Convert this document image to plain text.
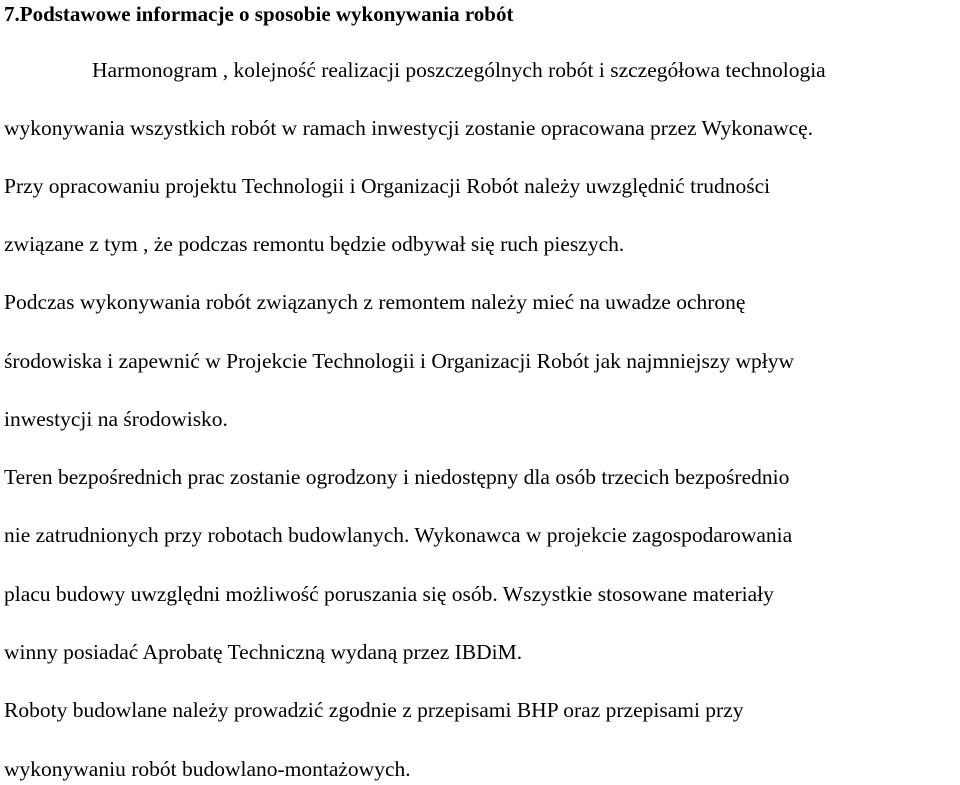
7.Podstawowe informacje o sposobie wykonywania robót

Harmonogram , kolejność realizacji poszczególnych robót i szczegółowa technologia

wykonywania wszystkich robót w ramach inwestycji zostanie opracowana przez Wykonawcę.

Przy opracowaniu projektu Technologii i Organizacji Robót należy uwzględnić trudności

związane z tym , że podczas remontu będzie odbywał się ruch pieszych.

Podczas wykonywania robót związanych z remontem należy mieć na uwadze ochronę

środowiska i zapewnić w Projekcie Technologii i Organizacji Robót jak najmniejszy wpływ

inwestycji na środowisko.

Teren bezpośrednich prac zostanie ogrodzony i niedostępny dla osób trzecich bezpośrednio

nie zatrudnionych przy robotach budowlanych. Wykonawca w projekcie zagospodarowania

placu budowy uwzględni możliwość poruszania się osób. Wszystkie stosowane materiały

winny posiadać Aprobatę Techniczną wydaną przez IBDiM.

Roboty budowlane należy prowadzić zgodnie z przepisami BHP oraz przepisami przy

wykonywaniu robót budowlano-montażowych.
